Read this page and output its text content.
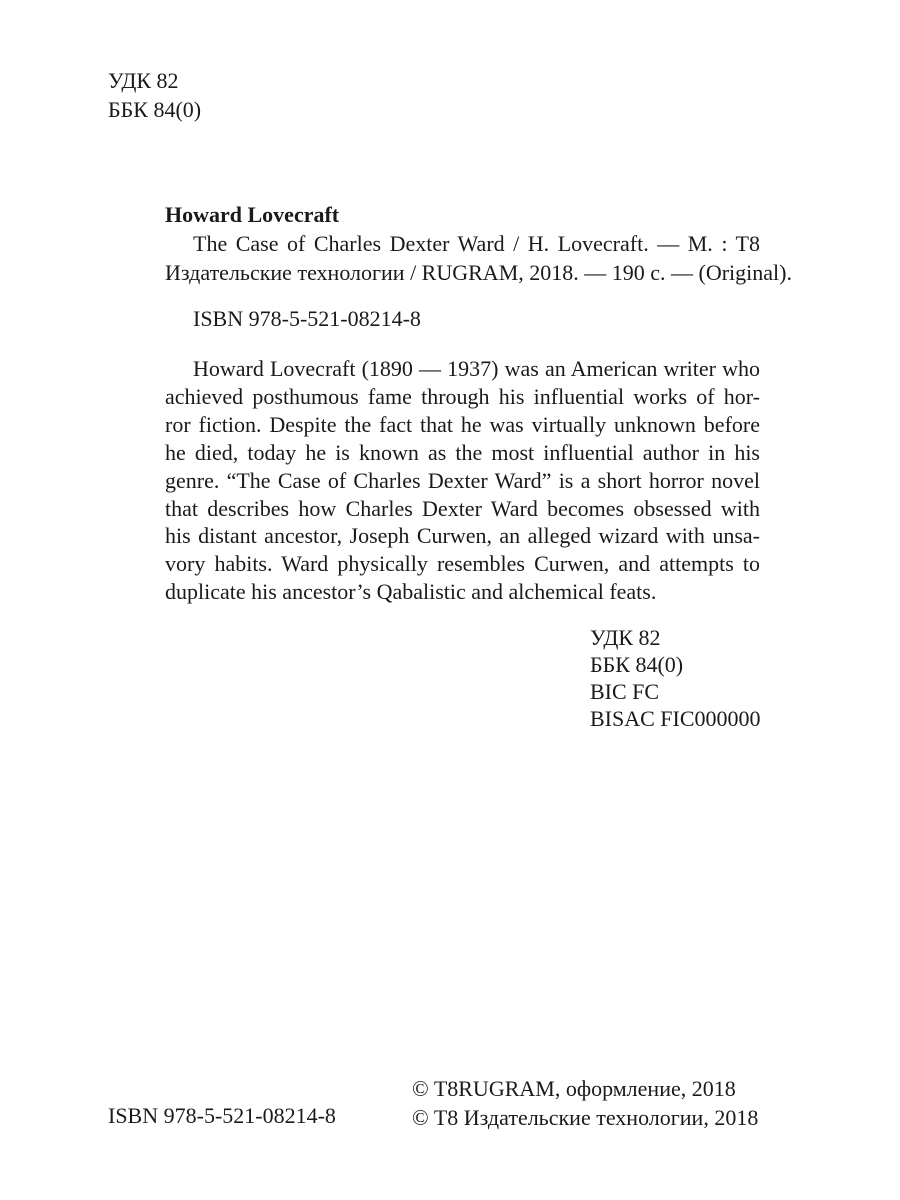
УДК 82
ББК 84(0)
Howard Lovecraft
The Case of Charles Dexter Ward / H. Lovecraft. — M. : T8
Издательские технологии / RUGRAM, 2018. — 190 с. — (Original).
ISBN 978-5-521-08214-8
Howard Lovecraft (1890 — 1937) was an American writer who
achieved posthumous fame through his influential works of hor-
ror fiction. Despite the fact that he was virtually unknown before
he died, today he is known as the most influential author in his
genre. “The Case of Charles Dexter Ward” is a short horror novel
that describes how Charles Dexter Ward becomes obsessed with
his distant ancestor, Joseph Curwen, an alleged wizard with unsa-
vory habits. Ward physically resembles Curwen, and attempts to
duplicate his ancestor’s Qabalistic and alchemical feats.
УДК 82
ББК 84(0)
BIC FC
BISAC FIC000000
ISBN 978-5-521-08214-8
© T8RUGRAM, оформление, 2018
© T8 Издательские технологии, 2018
